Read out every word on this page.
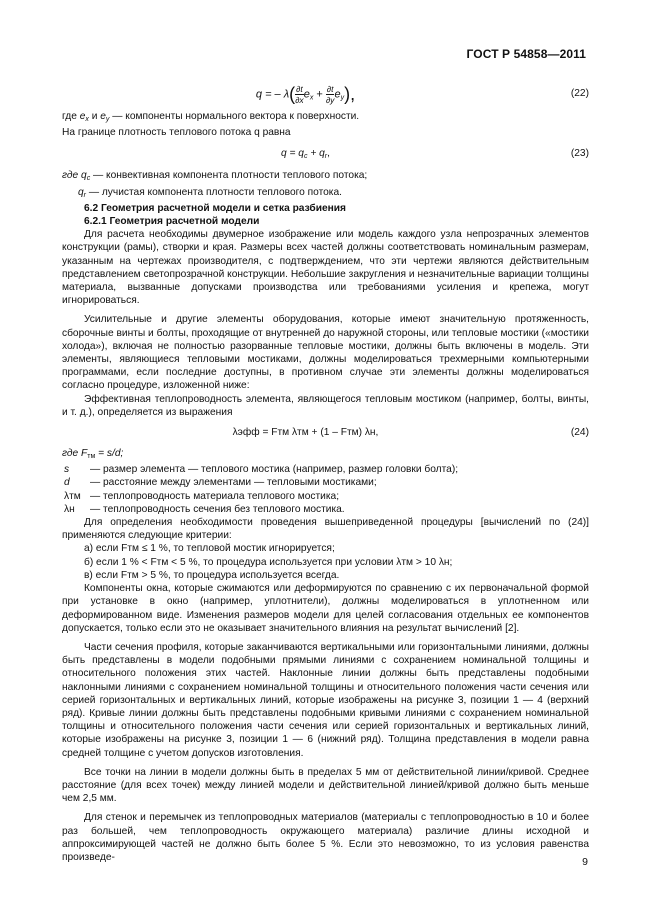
ГОСТ Р 54858—2011
q = – $\lambda( \frac{\partial t}{\partial x} e_x + \frac{\partial t}{\partial y} e_y)$,	(22)

где $e_x$ и $e_y$ — компоненты нормального вектора к поверхности.

На границе плотность теплового потока q равна

$q = q_c + q_r$,	(23)

где $q_c$ — конвективная компонента плотности теплового потока;

$q_r$ — лучистая компонента плотности теплового потока.

6.2 Геометрия расчетной модели и сетка разбиения

6.2.1 Геометрия расчетной модели

Для расчета необходимы двумерное изображение или модель каждого узла непрозрачных элементов конструкции (рамы), створки и края. Размеры всех частей должны соответствовать номинальным размерам, указанным на чертежах производителя, с подтверждением, что эти чертежи являются действительным представлением светопрозрачной конструкции. Небольшие закругления и незначительные вариации толщины материала, вызванные допусками производства или требованиями усиления и крепежа, могут игнорироваться.

Усилительные и другие элементы оборудования, которые имеют значительную протяженность, сборочные винты и болты, проходящие от внутренней до наружной стороны, или тепловые мостики («мостики холода»), включая не полностью разорванные тепловые мостики, должны быть включены в модель. Эти элементы, являющиеся тепловыми мостиками, должны моделироваться трехмерными компьютерными программами, если последние доступны, в противном случае эти элементы должны моделироваться согласно процедуре, изложенной ниже:

Эффективная теплопроводность элемента, являющегося тепловым мостиком (например, болты, винты, и т. д.), определяется из выражения

λэфф = Fтм λтм + (1 – Fтм) λн,	(24)

где $F_{тм} = s/d$;

s — размер элемента — теплового мостика (например, размер головки болта);
d — расстояние между элементами — тепловыми мостиками;
λтм — теплопроводность материала теплового мостика;
λн — теплопроводность сечения без теплового мостика.

Для определения необходимости проведения вышеприведенной процедуры [вычислений по (24)] применяются следующие критерии:

а) если Fтм ≤ 1 %, то тепловой мостик игнорируется;

б) если 1 % < Fтм < 5 %, то процедура используется при условии λтм > 10 λн;

в) если Fтм > 5 %, то процедура используется всегда.

Компоненты окна, которые сжимаются или деформируются по сравнению с их первоначальной формой при установке в окно (например, уплотнители), должны моделироваться в уплотненном или деформированном виде. Изменения размеров модели для целей согласования отдельных ее компонентов допускается, только если это не оказывает значительного влияния на результат вычислений [2].

Части сечения профиля, которые заканчиваются вертикальными или горизонтальными линиями, должны быть представлены в модели подобными прямыми линиями с сохранением номинальной толщины и относительного положения этих частей. Наклонные линии должны быть представлены подобными наклонными линиями с сохранением номинальной толщины и относительного положения части сечения или серией горизонтальных и вертикальных линий, которые изображены на рисунке 3, позиции 1 — 4 (верхний ряд). Кривые линии должны быть представлены подобными кривыми линиями с сохранением номинальной толщины и относительного положения части сечения или серией горизонтальных и вертикальных линий, которые изображены на рисунке 3, позиции 1 — 6 (нижний ряд). Толщина представления в модели равна средней толщине с учетом допусков изготовления.

Все точки на линии в модели должны быть в пределах 5 мм от действительной линии/кривой. Среднее расстояние (для всех точек) между линией модели и действительной линией/кривой должно быть меньше чем 2,5 мм.

Для стенок и перемычек из теплопроводных материалов (материалы с теплопроводностью в 10 и более раз большей, чем теплопроводность окружающего материала) различие длины исходной и аппроксимирующей частей не должно быть более 5 %. Если это невозможно, то из условия равенства произведе-	9
